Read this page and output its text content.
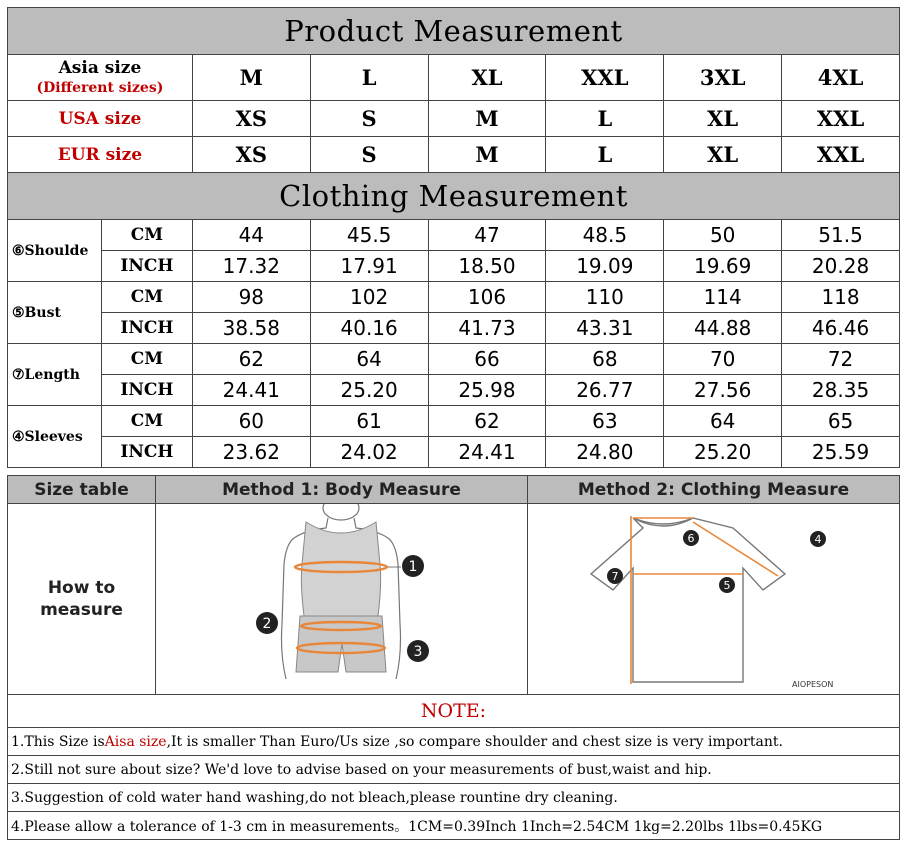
Product Measurement							

Asia size
(Different sizes)		M	L	XL	XXL	3XL	4XL
USA size		XS	S	M	L	XL	XXL
EUR size		XS	S	M	L	XL	XXL
Clothing Measurement							
⑥Shoulde	CM	44	45.5	47	48.5	50	51.5
	INCH	17.32	17.91	18.50	19.09	19.69	20.28
⑤Bust	CM	98	102	106	110	114	118
	INCH	38.58	40.16	41.73	43.31	44.88	46.46
⑦Length	CM	62	64	66	68	70	72
	INCH	24.41	25.20	25.98	26.77	27.56	28.35
④Sleeves	CM	60	61	62	63	64	65
	INCH	23.62	24.02	24.41	24.80	25.20	25.59
Size table	Method 1: Body Measure	Method 2: Clothing Measure
How to
measure
1
2
3
6	4
7
5
AIOPESON
NOTE:
1.This Size is Aisa size ,It is smaller Than Euro/Us size ,so compare shoulder and chest size is very important.
2.Still not sure about size? We'd love to advise based on your measurements of bust,waist and hip.
3.Suggestion of cold water hand washing,do not bleach,please rountine dry cleaning.
4.Please allow a tolerance of 1-3 cm in measurements。1CM=0.39Inch 1Inch=2.54CM 1kg=2.20lbs 1lbs=0.45KG
